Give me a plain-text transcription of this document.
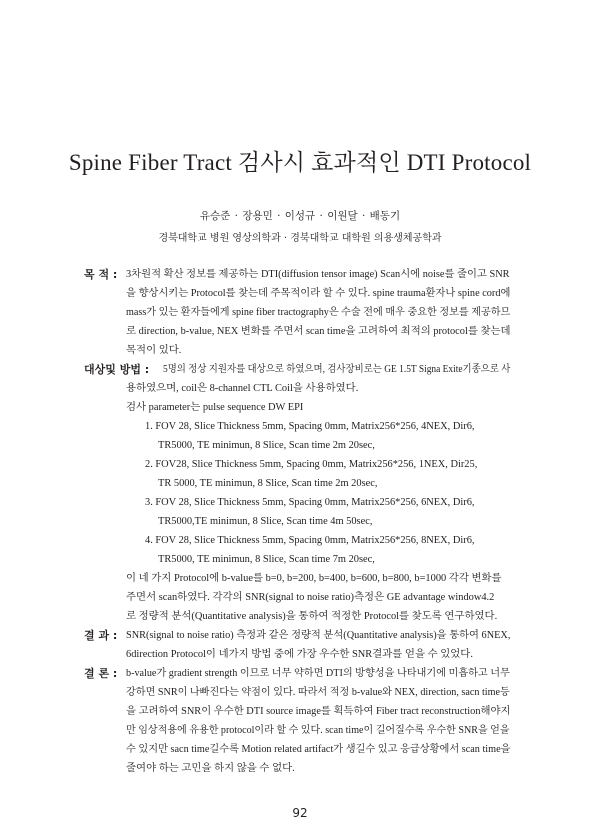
Spine Fiber Tract 검사시 효과적인 DTI Protocol
유승준 · 장용민 · 이성규 · 이원달 · 배동기
경북대학교 병원 영상의학과 · 경북대학교 대학원 의용생체공학과
목 적 : 3차원적 확산 정보를 제공하는 DTI(diffusion tensor image) Scan시에 noise를 줄이고 SNR
을 향상시키는 Protocol를 찾는데 주목적이라 할 수 있다. spine trauma환자나 spine cord에
mass가 있는 환자들에게 spine fiber tractography은 수술 전에 매우 중요한 정보를 제공하므
로 direction, b-value, NEX 변화를 주면서 scan time을 고려하여 최적의 protocol를 찾는데
목적이 있다.
대상및 방법 : 5명의 정상 지원자를 대상으로 하였으며, 검사장비로는 GE 1.5T Signa Exite기종으로 사
용하였으며, coil은 8-channel CTL Coil을 사용하였다.
검사 parameter는 pulse sequence DW EPI
1. FOV 28, Slice Thickness 5mm, Spacing 0mm, Matrix256*256, 4NEX, Dir6,
TR5000, TE minimun, 8 Slice, Scan time 2m 20sec,
2. FOV28, Slice Thickness 5mm, Spacing 0mm, Matrix256*256, 1NEX, Dir25,
TR 5000, TE minimun, 8 Slice, Scan time 2m 20sec,
3. FOV 28, Slice Thickness 5mm, Spacing 0mm, Matrix256*256, 6NEX, Dir6,
TR5000,TE minimun, 8 Slice, Scan time 4m 50sec,
4. FOV 28, Slice Thickness 5mm, Spacing 0mm, Matrix256*256, 8NEX, Dir6,
TR5000, TE minimun, 8 Slice, Scan time 7m 20sec,
이 네 가지 Protocol에 b-value를 b=0, b=200, b=400, b=600, b=800, b=1000 각각 변화를
주면서 scan하였다. 각각의 SNR(signal to noise ratio)측정은 GE advantage window4.2
로 정량적 분석(Quantitative analysis)을 통하여 적정한 Protocol를 찾도록 연구하였다.
결 과 : SNR(signal to noise ratio) 측정과 같은 정량적 분석(Quantitative analysis)을 통하여 6NEX,
6direction Protocol이 네가지 방법 중에 가장 우수한 SNR결과를 얻을 수 있었다.
결 론 : b-value가 gradient strength 이므로 너무 약하면 DTI의 방향성을 나타내기에 미흡하고 너무
강하면 SNR이 나빠진다는 약점이 있다. 따라서 적정 b-value와 NEX, direction, sacn time등
을 고려하여 SNR이 우수한 DTI source image를 획득하여 Fiber tract reconstruction해야지
만 임상적용에 유용한 protocol이라 할 수 있다. scan time이 길어질수록 우수한 SNR을 얻을
수 있지만 sacn time길수록 Motion related artifact가 생길수 있고 응급상황에서 scan time을
줄여야 하는 고민을 하지 않을 수 없다.
92
